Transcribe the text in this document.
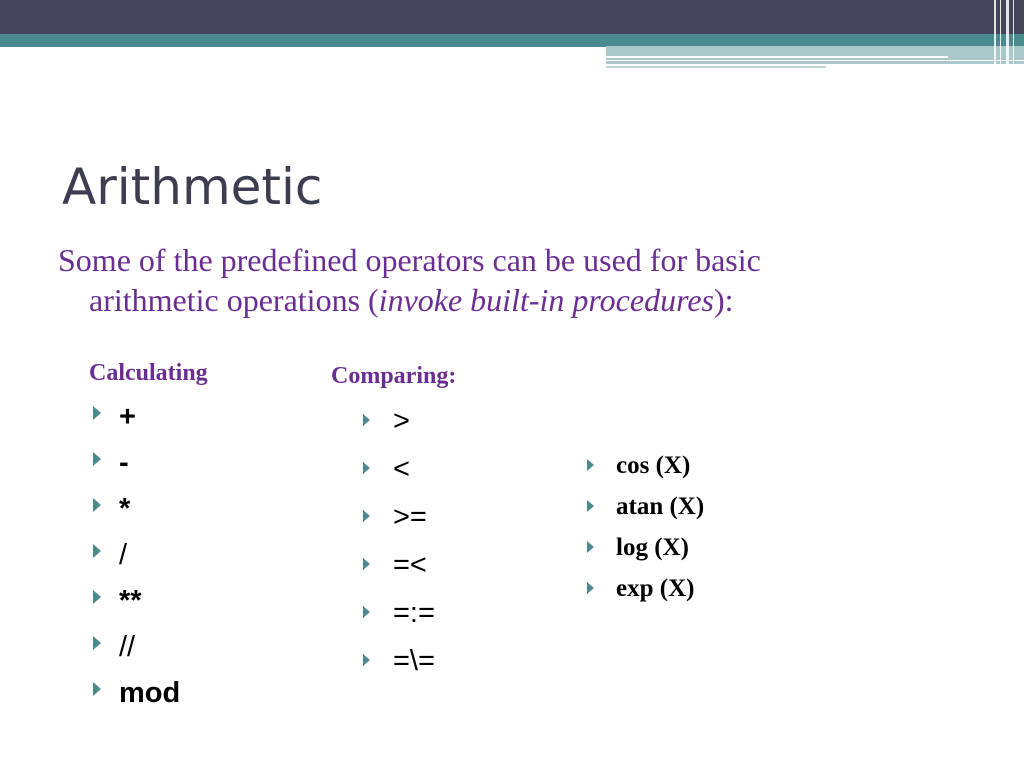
Arithmetic
Some of the predefined operators can be used for basic
arithmetic operations (invoke built-in procedures):
Calculating	Comparing:
+
-
*
/
**
//
mod
>
<
>=
=<
=:=
=\=
cos (X)
atan (X)
log (X)
exp (X)
